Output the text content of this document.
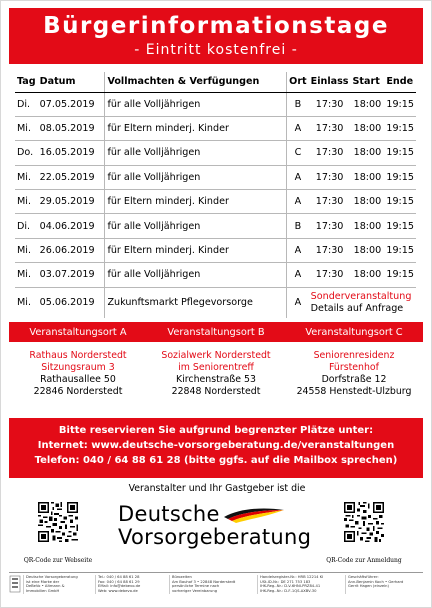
Bürgerinformationstage
- Eintritt kostenfrei -
Tag	Datum	Vollmachten & Verfügungen	Ort	Einlass	Start	Ende
Di.	07.05.2019	für alle Volljährigen	B	17:30	18:00	19:15
Mi.	08.05.2019	für Eltern minderj. Kinder	A	17:30	18:00	19:15
Do.	16.05.2019	für alle Volljährigen	C	17:30	18:00	19:15
Mi.	22.05.2019	für alle Volljährigen	A	17:30	18:00	19:15
Mi.	29.05.2019	für Eltern minderj. Kinder	A	17:30	18:00	19:15
Di.	04.06.2019	für alle Volljährigen	B	17:30	18:00	19:15
Mi.	26.06.2019	für Eltern minderj. Kinder	A	17:30	18:00	19:15
Mi.	03.07.2019	für alle Volljährigen	A	17:30	18:00	19:15
Mi.	05.06.2019	Zukunftsmarkt Pflegevorsorge	A	Sonderveranstaltung
Details auf Anfrage		
Veranstaltungsort A	Veranstaltungsort B	Veranstaltungsort C
Rathaus Norderstedt
Sitzungsraum 3
Rathausallee 50
22846 Norderstedt
Sozialwerk Norderstedt
im Seniorentreff
Kirchenstraße 53
22848 Norderstedt
Seniorenresidenz
Fürstenhof
Dorfstraße 12
24558 Henstedt-Ulzburg
Bitte reservieren Sie aufgrund begrenzter Plätze unter:
Internet: www.deutsche-vorsorgeberatung.de/veranstaltungen
Telefon: 040 / 64 88 61 28 (bitte ggfs. auf die Mailbox sprechen)
Veranstalter und Ihr Gastgeber ist die
QR-Code zur Webseite	QR-Code zur Anmeldung
Deutsche
Vorsorgeberatung
Deutsche Vorsorgeberatung
ist eine Marke der
DeBeVo • Altmann &
Immobilien GmbH
Tel.: 040 / 64 88 61 28
Fax: 040 / 64 88 61 29
EMail: info@debevo.de
Web: www.debevo.de
Bürozeiten
Am Bauhof 3 • 22848 Norderstedt
persönliche Termine nach
vorheriger Vereinbarung
Handelsregister-Nr.: HRB 12214 KI
USt-ID-Nr.: DE 271 753 183
IHK-Reg.-Nr.: D-V-6HNI-PRZ84-41
IHK-Reg.-Nr.: D-F-1QS-AXBV-30
Geschäftsführer:
Ann-Benjamin Koch • Gerhard
Gerrit Hagen (einzeln)
